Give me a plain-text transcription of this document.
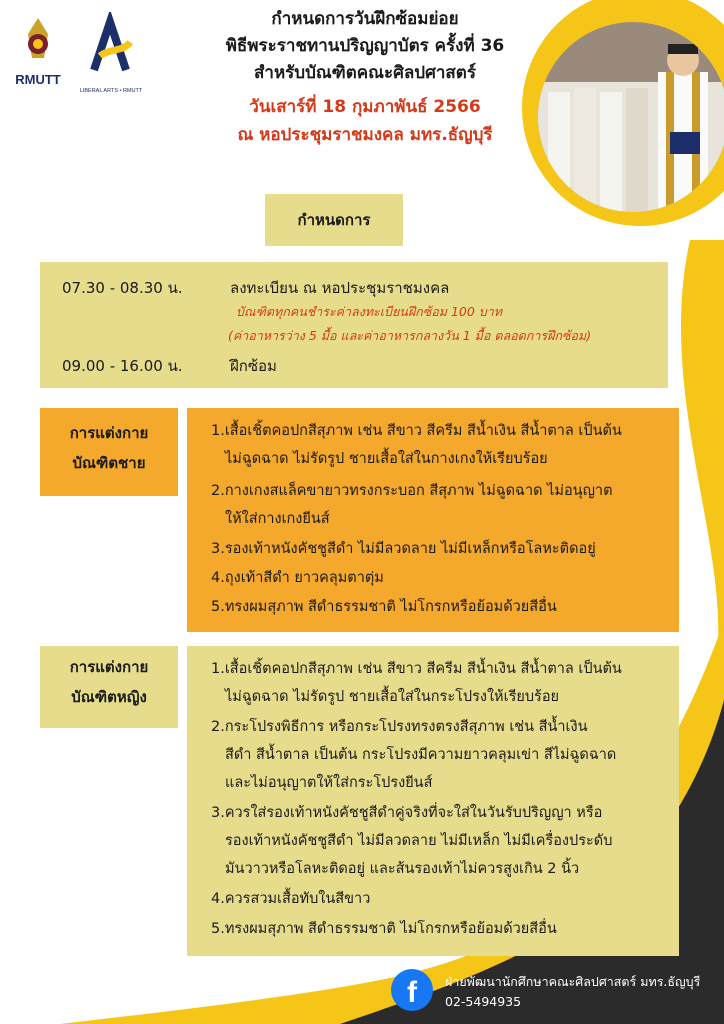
RMUTT
LIBERAL ARTS • RMUTT
กำหนดการวันฝึกซ้อมย่อย
พิธีพระราชทานปริญญาบัตร ครั้งที่ 36
สำหรับบัณฑิตคณะศิลปศาสตร์
วันเสาร์ที่ 18 กุมภาพันธ์ 2566
ณ หอประชุมราชมงคล มทร.ธัญบุรี
กำหนดการ
07.30 - 08.30 น.	ลงทะเบียน ณ หอประชุมราชมงคล
บัณฑิตทุกคนชำระค่าลงทะเบียนฝึกซ้อม 100 บาท
(ค่าอาหารว่าง 5 มื้อ และค่าอาหารกลางวัน 1 มื้อ ตลอดการฝึกซ้อม)
09.00 - 16.00 น.	ฝึกซ้อม
การแต่งกาย
บัณฑิตชาย
1.เสื้อเชิ้ตคอปกสีสุภาพ เช่น สีขาว สีครีม สีน้ำเงิน สีน้ำตาล เป็นต้น
ไม่ฉูดฉาด ไม่รัดรูป ชายเสื้อใส่ในกางเกงให้เรียบร้อย
2.กางเกงสแล็คขายาวทรงกระบอก สีสุภาพ ไม่ฉูดฉาด ไม่อนุญาต
ให้ใส่กางเกงยีนส์
3.รองเท้าหนังคัชชูสีดำ ไม่มีลวดลาย ไม่มีเหล็กหรือโลหะติดอยู่
4.ถุงเท้าสีดำ ยาวคลุมตาตุ่ม
5.ทรงผมสุภาพ สีดำธรรมชาติ ไม่โกรกหรือย้อมด้วยสีอื่น
การแต่งกาย
บัณฑิตหญิง
1.เสื้อเชิ้ตคอปกสีสุภาพ เช่น สีขาว สีครีม สีน้ำเงิน สีน้ำตาล เป็นต้น
ไม่ฉูดฉาด ไม่รัดรูป ชายเสื้อใส่ในกระโปรงให้เรียบร้อย
2.กระโปรงพิธีการ หรือกระโปรงทรงตรงสีสุภาพ เช่น สีน้ำเงิน
สีดำ สีน้ำตาล เป็นต้น กระโปรงมีความยาวคลุมเข่า สีไม่ฉูดฉาด
และไม่อนุญาตให้ใส่กระโปรงยีนส์
3.ควรใส่รองเท้าหนังคัชชูสีดำคู่จริงที่จะใส่ในวันรับปริญญา หรือ
รองเท้าหนังคัชชูสีดำ ไม่มีลวดลาย ไม่มีเหล็ก ไม่มีเครื่องประดับ
มันวาวหรือโลหะติดอยู่ และส้นรองเท้าไม่ควรสูงเกิน 2 นิ้ว
4.ควรสวมเสื้อทับในสีขาว
5.ทรงผมสุภาพ สีดำธรรมชาติ ไม่โกรกหรือย้อมด้วยสีอื่น
f	ฝ่ายพัฒนานักศึกษาคณะศิลปศาสตร์ มทร.ธัญบุรี
02-5494935
